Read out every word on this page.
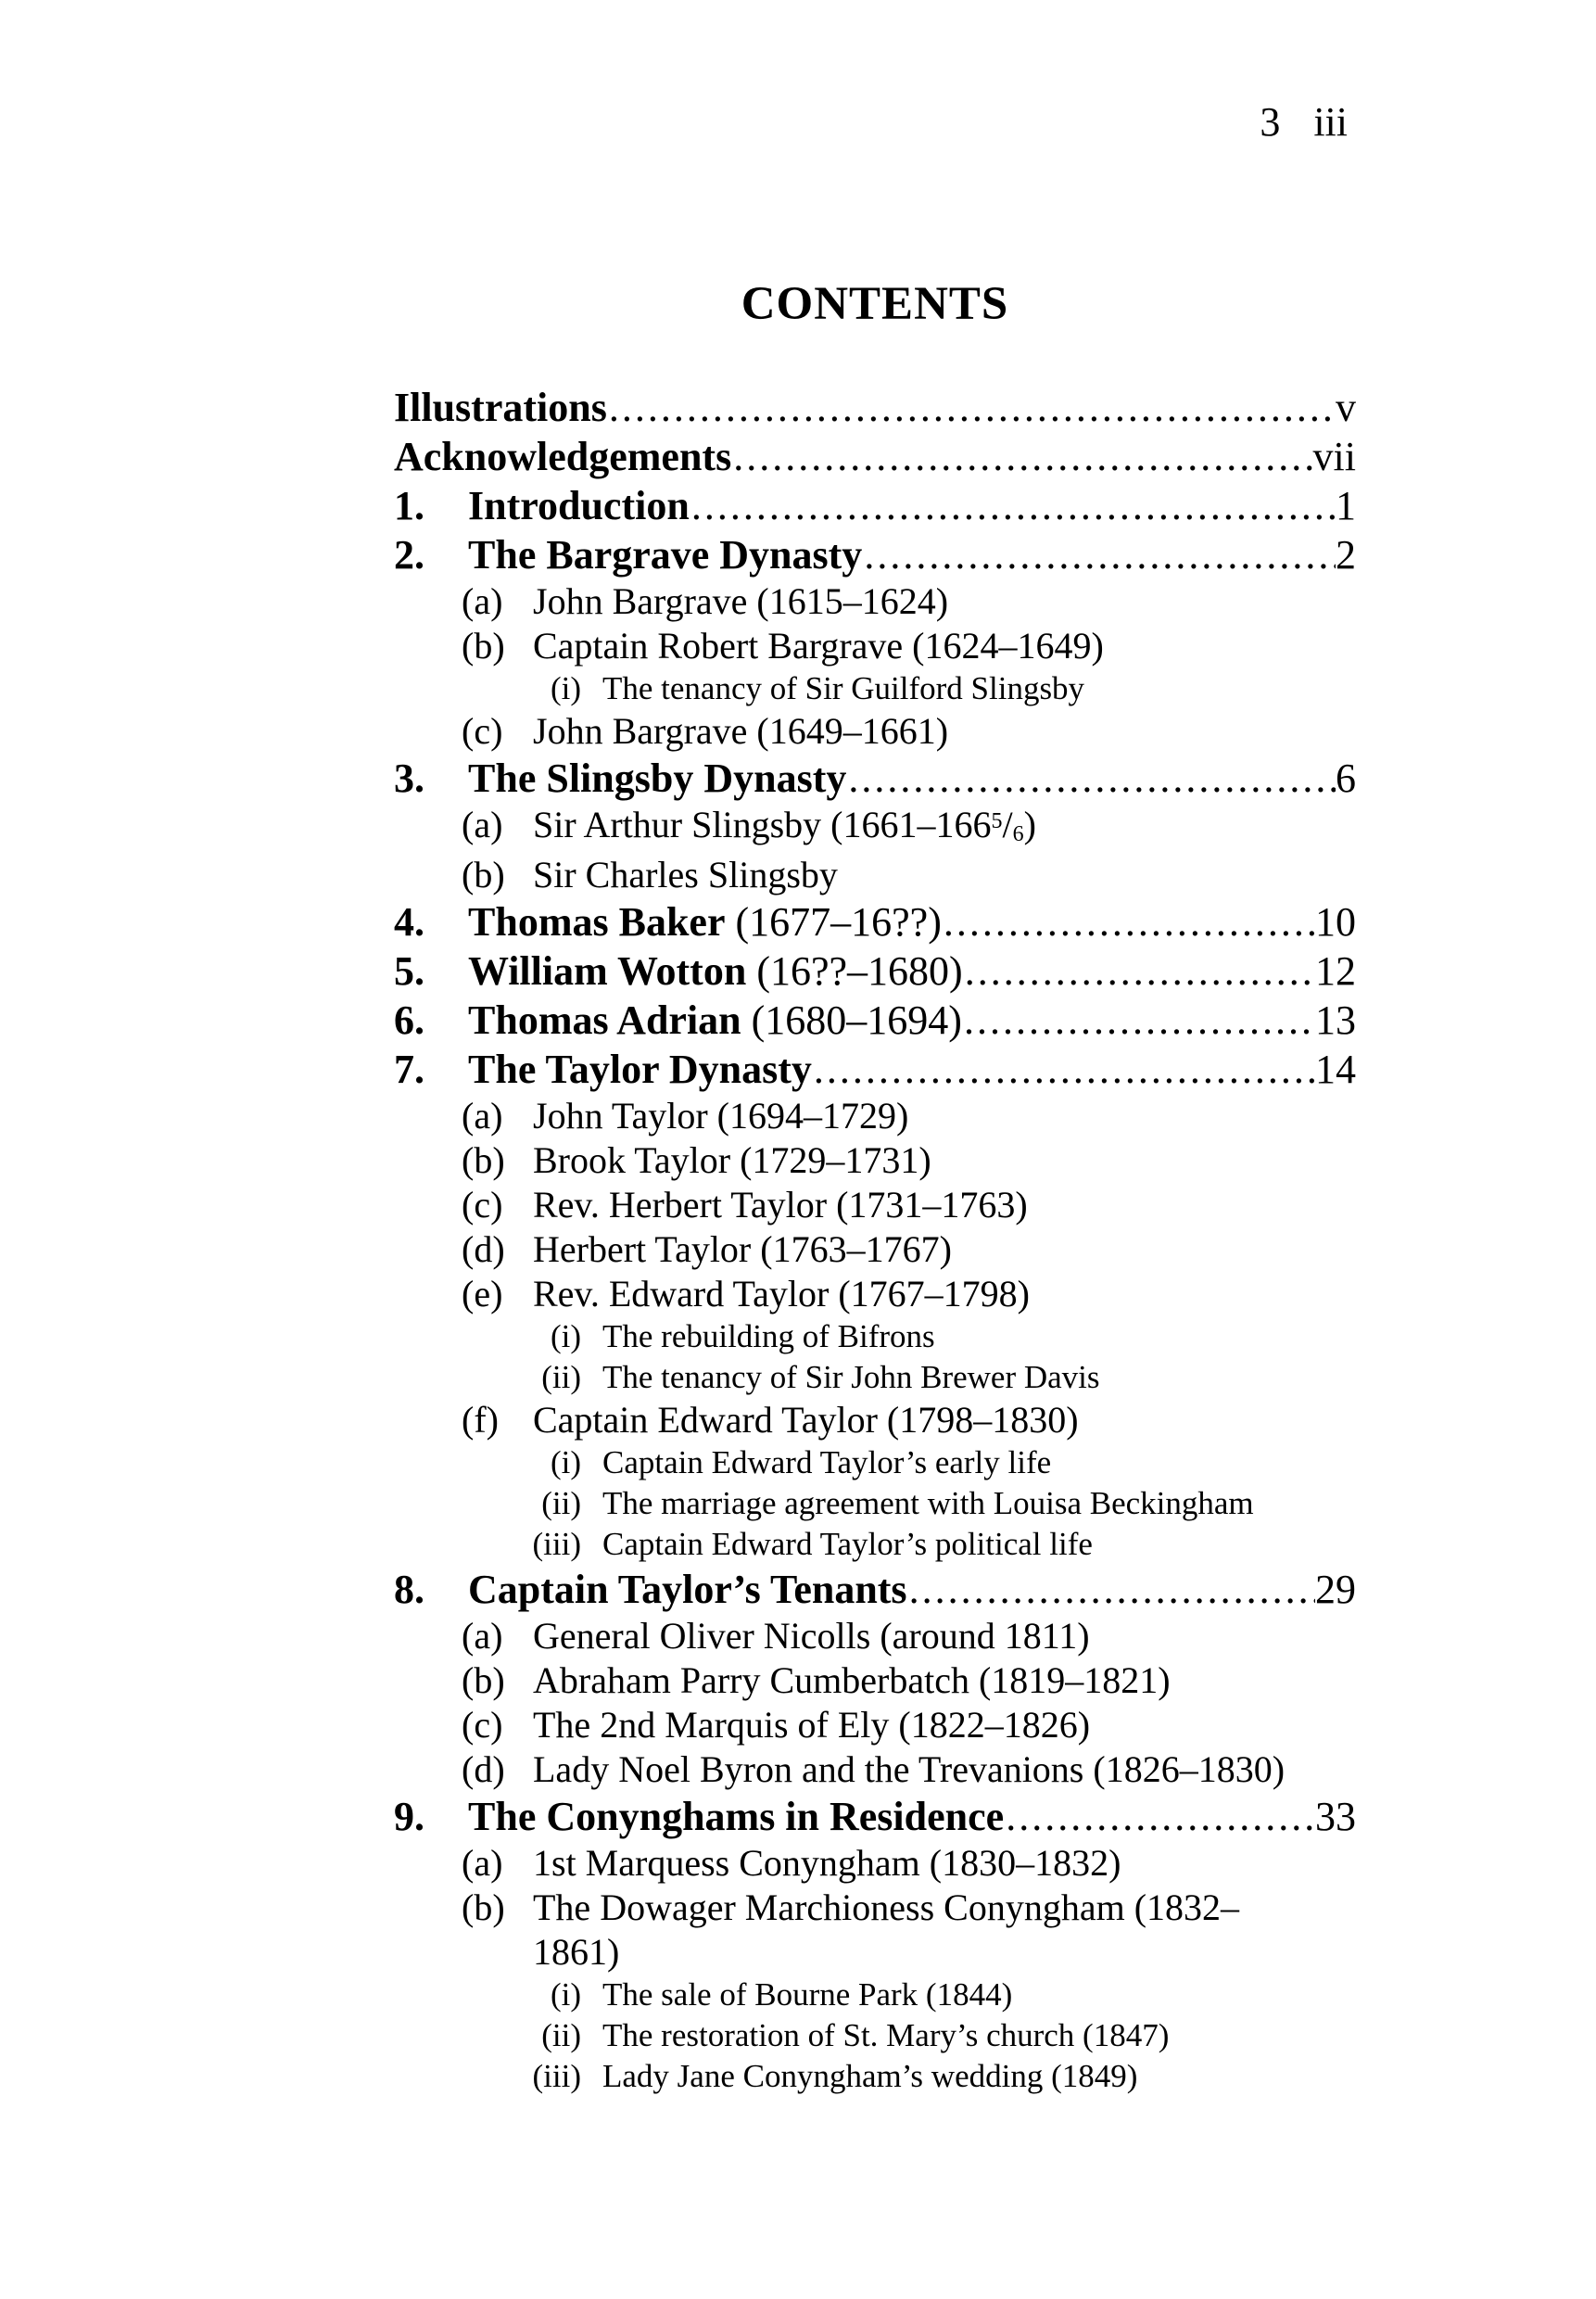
3 iii
CONTENTS
Illustrations .....	v
Acknowledgements .....	vii
1.	Introduction .....	1
2.	The Bargrave Dynasty .....	2
(a) John Bargrave (1615–1624)
(b) Captain Robert Bargrave (1624–1649)
(i) The tenancy of Sir Guilford Slingsby
(c) John Bargrave (1649–1661)
3.	The Slingsby Dynasty .....	6
(a) Sir Arthur Slingsby $(1661-166^5/6)$
(b) Sir Charles Slingsby
4.	Thomas Baker (1677–16??) .....	10
5.	William Wotton (16??–1680) .....	12
6.	Thomas Adrian (1680–1694) .....	13
7.	The Taylor Dynasty .....	14
(a) John Taylor (1694–1729)
(b) Brook Taylor (1729–1731)
(c) Rev. Herbert Taylor (1731–1763)
(d) Herbert Taylor (1763–1767)
(e) Rev. Edward Taylor (1767–1798)
(i) The rebuilding of Bifrons
(ii) The tenancy of Sir John Brewer Davis
(f) Captain Edward Taylor (1798–1830)
(i) Captain Edward Taylor’s early life
(ii) The marriage agreement with Louisa Beckingham
(iii) Captain Edward Taylor’s political life
8.	Captain Taylor’s Tenants .....	29
(a) General Oliver Nicolls (around 1811)
(b) Abraham Parry Cumberbatch (1819–1821)
(c) The 2nd Marquis of Ely (1822–1826)
(d) Lady Noel Byron and the Trevanions (1826–1830)
9.	The Conynghams in Residence .....	33
(a) 1st Marquess Conyngham (1830–1832)
(b) The Dowager Marchioness Conyngham (1832–
1861)
(i) The sale of Bourne Park (1844)
(ii) The restoration of St. Mary’s church (1847)
(iii) Lady Jane Conyngham’s wedding (1849)
